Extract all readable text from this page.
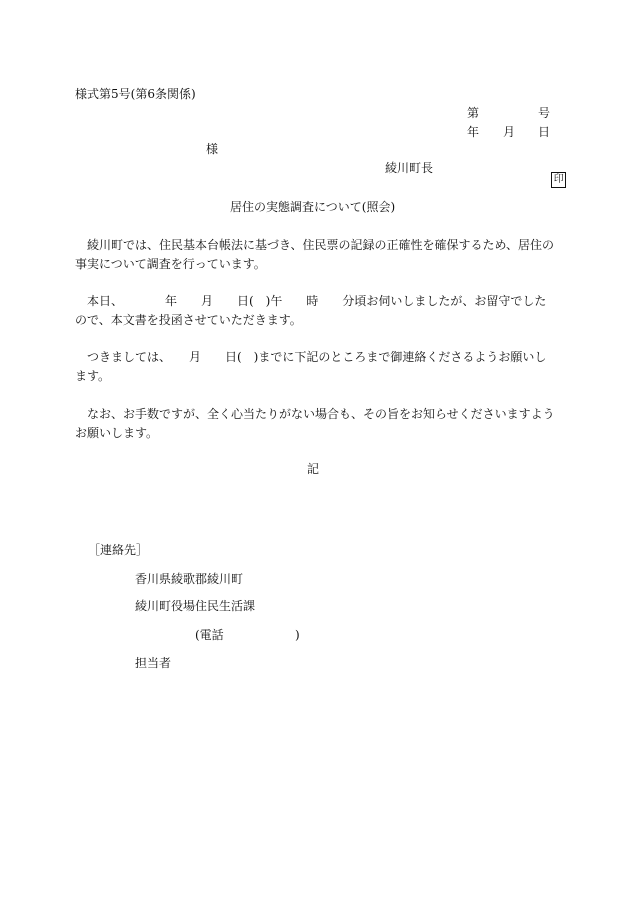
様式第5号(第6条関係)
第	号
年 月 日
様
綾川町長

印

居住の実態調査について(照会)

綾川町では、住民基本台帳法に基づき、住民票の記録の正確性を確保するため、居住の事実について調査を行っています。

本日、　　　　年　　月　　日(　)午　　時　　分頃お伺いしましたが、お留守でしたので、本文書を投函させていただきます。

つきましては、　　月　　日(　)までに下記のところまで御連絡くださるようお願いします。

なお、お手数ですが、全く心当たりがない場合も、その旨をお知らせくださいますようお願いします。

記
［連絡先］
香川県綾歌郡綾川町
綾川町役場住民生活課
(電話	)
担当者
